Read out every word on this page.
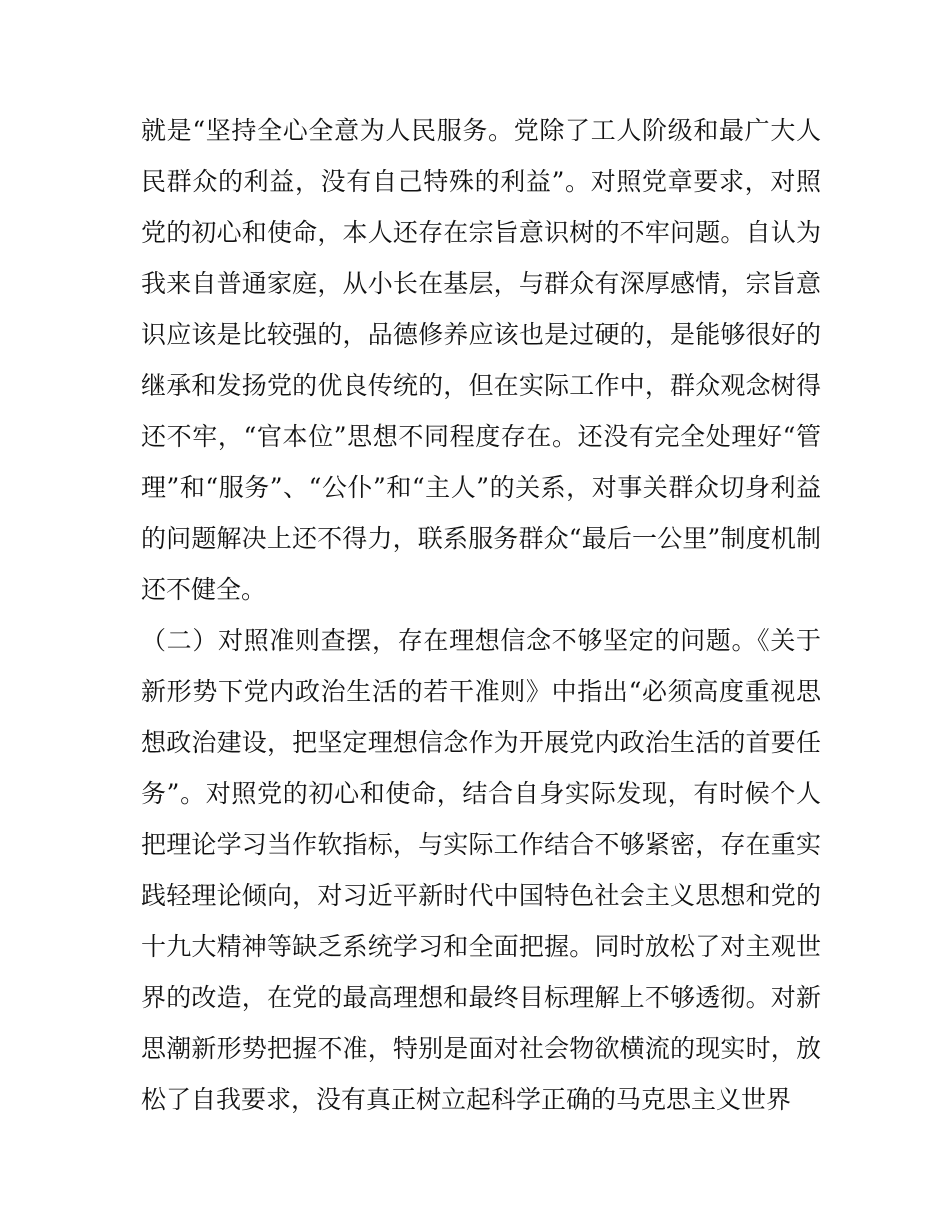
就是“坚持全心全意为人民服务。党除了工人阶级和最广大人
民群众的利益，没有自己特殊的利益”。对照党章要求，对照
党的初心和使命，本人还存在宗旨意识树的不牢问题。自认为
我来自普通家庭，从小长在基层，与群众有深厚感情，宗旨意
识应该是比较强的，品德修养应该也是过硬的，是能够很好的
继承和发扬党的优良传统的，但在实际工作中，群众观念树得
还不牢，“官本位”思想不同程度存在。还没有完全处理好“管
理”和“服务”、“公仆”和“主人”的关系，对事关群众切身利益
的问题解决上还不得力，联系服务群众“最后一公里”制度机制
还不健全。
（二）对照准则查摆，存在理想信念不够坚定的问题。《关于
新形势下党内政治生活的若干准则》中指出“必须高度重视思
想政治建设，把坚定理想信念作为开展党内政治生活的首要任
务”。对照党的初心和使命，结合自身实际发现，有时候个人
把理论学习当作软指标，与实际工作结合不够紧密，存在重实
践轻理论倾向，对习近平新时代中国特色社会主义思想和党的
十九大精神等缺乏系统学习和全面把握。同时放松了对主观世
界的改造，在党的最高理想和最终目标理解上不够透彻。对新
思潮新形势把握不准，特别是面对社会物欲横流的现实时，放
松了自我要求，没有真正树立起科学正确的马克思主义世界
